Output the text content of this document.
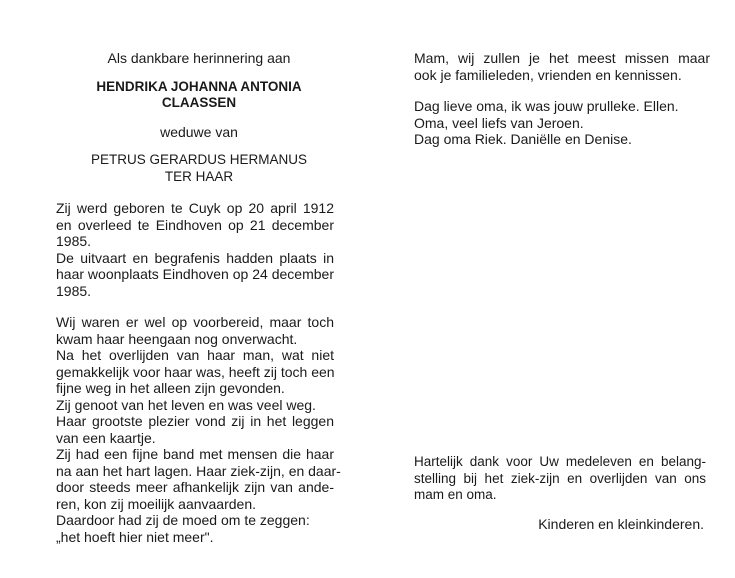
Als dankbare herinnering aan
HENDRIKA JOHANNA ANTONIA
CLAASSEN
weduwe van
PETRUS GERARDUS HERMANUS
TER HAAR
Zij werd geboren te Cuyk op 20 april 1912
en overleed te Eindhoven op 21 december
1985.
De uitvaart en begrafenis hadden plaats in
haar woonplaats Eindhoven op 24 december
1985.
Wij waren er wel op voorbereid, maar toch
kwam haar heengaan nog onverwacht.
Na het overlijden van haar man, wat niet
gemakkelijk voor haar was, heeft zij toch een
fijne weg in het alleen zijn gevonden.
Zij genoot van het leven en was veel weg.
Haar grootste plezier vond zij in het leggen
van een kaartje.
Zij had een fijne band met mensen die haar
na aan het hart lagen. Haar ziek-zijn, en daar-
door steeds meer afhankelijk zijn van ande-
ren, kon zij moeilijk aanvaarden.
Daardoor had zij de moed om te zeggen:
„het hoeft hier niet meer".
Mam, wij zullen je het meest missen maar
ook je familieleden, vrienden en kennissen.
Dag lieve oma, ik was jouw prulleke. Ellen.
Oma, veel liefs van Jeroen.
Dag oma Riek. Daniëlle en Denise.
Hartelijk dank voor Uw medeleven en belang-
stelling bij het ziek-zijn en overlijden van ons
mam en oma.
Kinderen en kleinkinderen.
